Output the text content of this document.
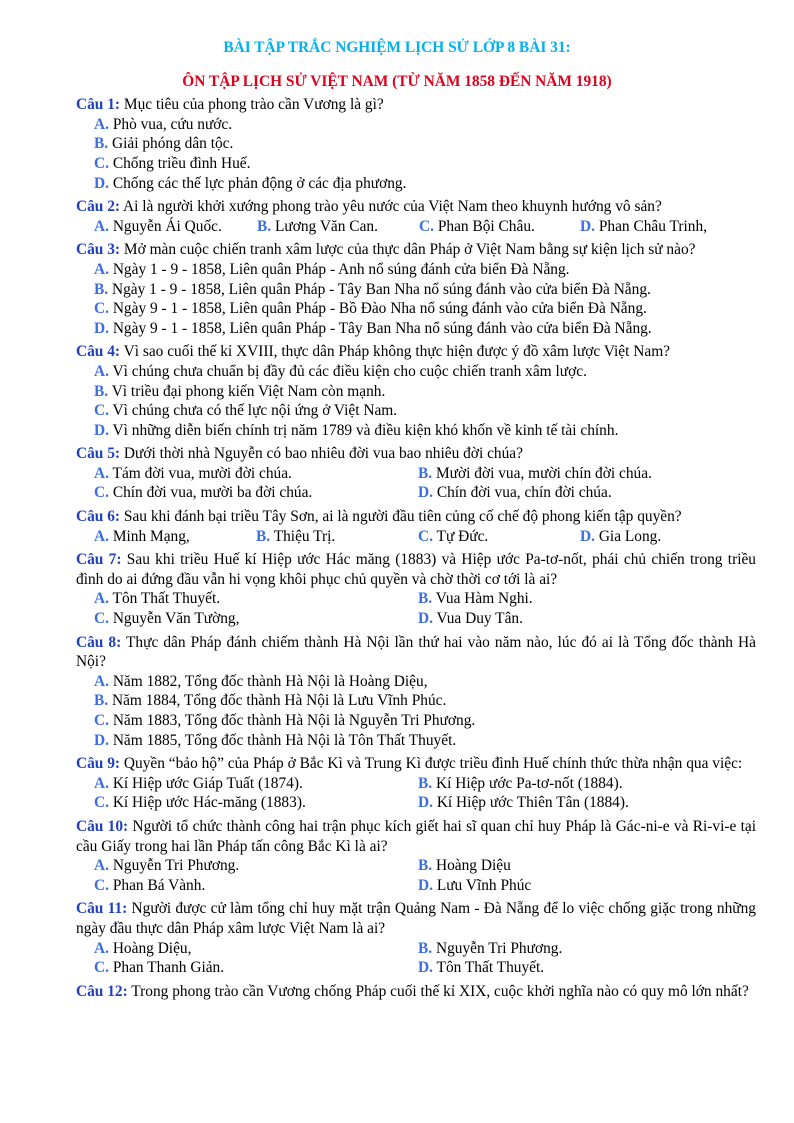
BÀI TẬP TRẮC NGHIỆM LỊCH SỬ LỚP 8 BÀI 31:
ÔN TẬP LỊCH SỬ VIỆT NAM (TỪ NĂM 1858 ĐẾN NĂM 1918)
Câu 1: Mục tiêu của phong trào cần Vương là gì?
A. Phò vua, cứu nước.
B. Giải phóng dân tộc.
C. Chống triều đình Huế.
D. Chống các thế lực phản động ở các địa phương.
Câu 2: Ai là người khởi xướng phong trào yêu nước của Việt Nam theo khuynh hướng vô sản?
A. Nguyễn Ái Quốc.	B. Lương Văn Can.	C. Phan Bội Châu.	D. Phan Châu Trinh,
Câu 3: Mở màn cuộc chiến tranh xâm lược của thực dân Pháp ở Việt Nam bằng sự kiện lịch sử nào?
A. Ngày 1 - 9 - 1858, Liên quân Pháp - Anh nổ súng đánh cửa biển Đà Nẵng.
B. Ngày 1 - 9 - 1858, Liên quân Pháp - Tây Ban Nha nổ súng đánh vào cửa biển Đà Nẵng.
C. Ngày 9 - 1 - 1858, Liên quân Pháp - Bồ Đào Nha nổ súng đánh vào cửa biển Đà Nẵng.
D. Ngày 9 - 1 - 1858, Liên quân Pháp - Tây Ban Nha nổ súng đánh vào cửa biển Đà Nẵng.
Câu 4: Vì sao cuối thế kỉ XVIII, thực dân Pháp không thực hiện được ý đồ xâm lược Việt Nam?
A. Vì chúng chưa chuẩn bị đầy đủ các điều kiện cho cuộc chiến tranh xâm lược.
B. Vì triều đại phong kiến Việt Nam còn mạnh.
C. Vì chúng chưa có thế lực nội ứng ở Việt Nam.
D. Vì những diễn biến chính trị năm 1789 và điều kiện khó khốn về kinh tế tài chính.
Câu 5: Dưới thời nhà Nguyễn có bao nhiêu đời vua bao nhiêu đời chúa?
A. Tám đời vua, mười đời chúa.	B. Mười đời vua, mười chín đời chúa.
C. Chín đời vua, mười ba đời chúa.	D. Chín đời vua, chín đời chúa.
Câu 6: Sau khi đánh bại triều Tây Sơn, ai là người đầu tiên củng cố chế độ phong kiến tập quyền?
A. Minh Mạng,	B. Thiệu Trị.	C. Tự Đức.	D. Gia Long.
Câu 7: Sau khi triều Huế kí Hiệp ước Hác măng (1883) và Hiệp ước Pa-tơ-nốt, phái chủ chiến trong triều đình do ai đứng đầu vẫn hi vọng khôi phục chủ quyền và chờ thời cơ tới là ai?
A. Tôn Thất Thuyết.	B. Vua Hàm Nghi.
C. Nguyễn Văn Tường,	D. Vua Duy Tân.
Câu 8: Thực dân Pháp đánh chiếm thành Hà Nội lần thứ hai vào năm nào, lúc đó ai là Tổng đốc thành Hà Nội?
A. Năm 1882, Tổng đốc thành Hà Nội là Hoàng Diệu,
B. Năm 1884, Tổng đốc thành Hà Nội là Lưu Vĩnh Phúc.
C. Năm 1883, Tổng đốc thành Hà Nội là Nguyễn Tri Phương.
D. Năm 1885, Tổng đốc thành Hà Nội là Tôn Thất Thuyết.
Câu 9: Quyền “bảo hộ” của Pháp ở Bắc Kì và Trung Kì được triều đình Huế chính thức thừa nhận qua việc:
A. Kí Hiệp ước Giáp Tuất (1874).	B. Kí Hiệp ước Pa-tơ-nốt (1884).
C. Kí Hiệp ước Hác-măng (1883).	D. Kí Hiệp ước Thiên Tân (1884).
Câu 10: Người tổ chức thành công hai trận phục kích giết hai sĩ quan chỉ huy Pháp là Gác-ni-e và Ri-vi-e tại cầu Giấy trong hai lần Pháp tấn công Bắc Kì là ai?
A. Nguyễn Tri Phương.	B. Hoàng Diệu
C. Phan Bá Vành.	D. Lưu Vĩnh Phúc
Câu 11: Người được cử làm tổng chỉ huy mặt trận Quảng Nam - Đà Nẵng để lo việc chống giặc trong những ngày đầu thực dân Pháp xâm lược Việt Nam là ai?
A. Hoàng Diệu,	B. Nguyễn Tri Phương.
C. Phan Thanh Giản.	D. Tôn Thất Thuyết.
Câu 12: Trong phong trào cần Vương chống Pháp cuối thế kỉ XIX, cuộc khởi nghĩa nào có quy mô lớn nhất?
